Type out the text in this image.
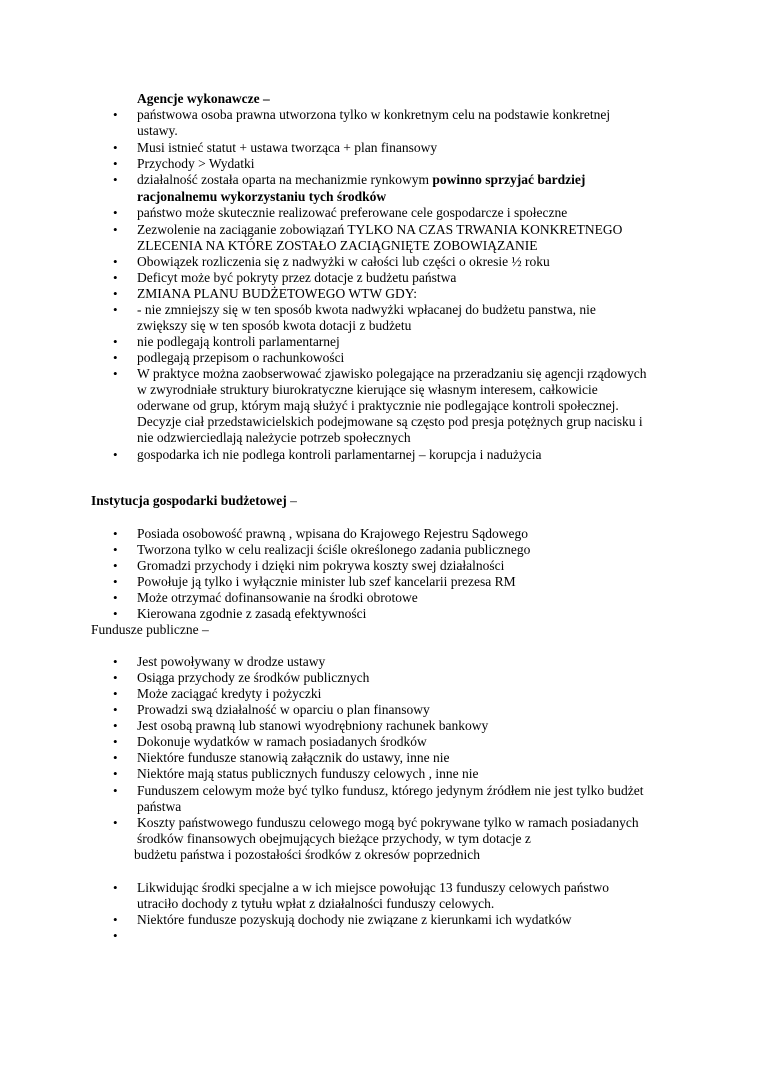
Agencje wykonawcze –
• państwowa osoba prawna utworzona tylko w konkretnym celu na podstawie konkretnej
ustawy.
• Musi istnieć statut + ustawa tworząca + plan finansowy
• Przychody > Wydatki
• działalność została oparta na mechanizmie rynkowym powinno sprzyjać bardziej
racjonalnemu wykorzystaniu tych środków
• państwo może skutecznie realizować preferowane cele gospodarcze i społeczne
• Zezwolenie na zaciąganie zobowiązań TYLKO NA CZAS TRWANIA KONKRETNEGO
ZLECENIA NA KTÓRE ZOSTAŁO ZACIĄGNIĘTE ZOBOWIĄZANIE
• Obowiązek rozliczenia się z nadwyżki w całości lub części o okresie ½ roku
• Deficyt może być pokryty przez dotacje z budżetu państwa
• ZMIANA PLANU BUDŻETOWEGO WTW GDY:
• - nie zmniejszy się w ten sposób kwota nadwyżki wpłacanej do budżetu panstwa, nie
zwiększy się w ten sposób kwota dotacji z budżetu
• nie podlegają kontroli parlamentarnej
• podlegają przepisom o rachunkowości
• W praktyce można zaobserwować zjawisko polegające na przeradzaniu się agencji rządowych
w zwyrodniałe struktury biurokratyczne kierujące się własnym interesem, całkowicie
oderwane od grup, którym mają służyć i praktycznie nie podlegające kontroli społecznej.
Decyzje ciał przedstawicielskich podejmowane są często pod presja potężnych grup nacisku i
nie odzwierciedlają należycie potrzeb społecznych
• gospodarka ich nie podlega kontroli parlamentarnej – korupcja i nadużycia
Instytucja gospodarki budżetowej –
• Posiada osobowość prawną , wpisana do Krajowego Rejestru Sądowego
• Tworzona tylko w celu realizacji ściśle określonego zadania publicznego
• Gromadzi przychody i dzięki nim pokrywa koszty swej działalności
• Powołuje ją tylko i wyłącznie minister lub szef kancelarii prezesa RM
• Może otrzymać dofinansowanie na środki obrotowe
• Kierowana zgodnie z zasadą efektywności
Fundusze publiczne –
• Jest powoływany w drodze ustawy
• Osiąga przychody ze środków publicznych
• Może zaciągać kredyty i pożyczki
• Prowadzi swą działalność w oparciu o plan finansowy
• Jest osobą prawną lub stanowi wyodrębniony rachunek bankowy
• Dokonuje wydatków w ramach posiadanych środków
• Niektóre fundusze stanowią załącznik do ustawy, inne nie
• Niektóre mają status publicznych funduszy celowych , inne nie
• Funduszem celowym może być tylko fundusz, którego jedynym źródłem nie jest tylko budżet
państwa
• Koszty państwowego funduszu celowego mogą być pokrywane tylko w ramach posiadanych
środków finansowych obejmujących bieżące przychody, w tym dotacje z
budżetu państwa i pozostałości środków z okresów poprzednich
• Likwidując środki specjalne a w ich miejsce powołując 13 funduszy celowych państwo
utraciło dochody z tytułu wpłat z działalności funduszy celowych.
• Niektóre fundusze pozyskują dochody nie związane z kierunkami ich wydatków
•
